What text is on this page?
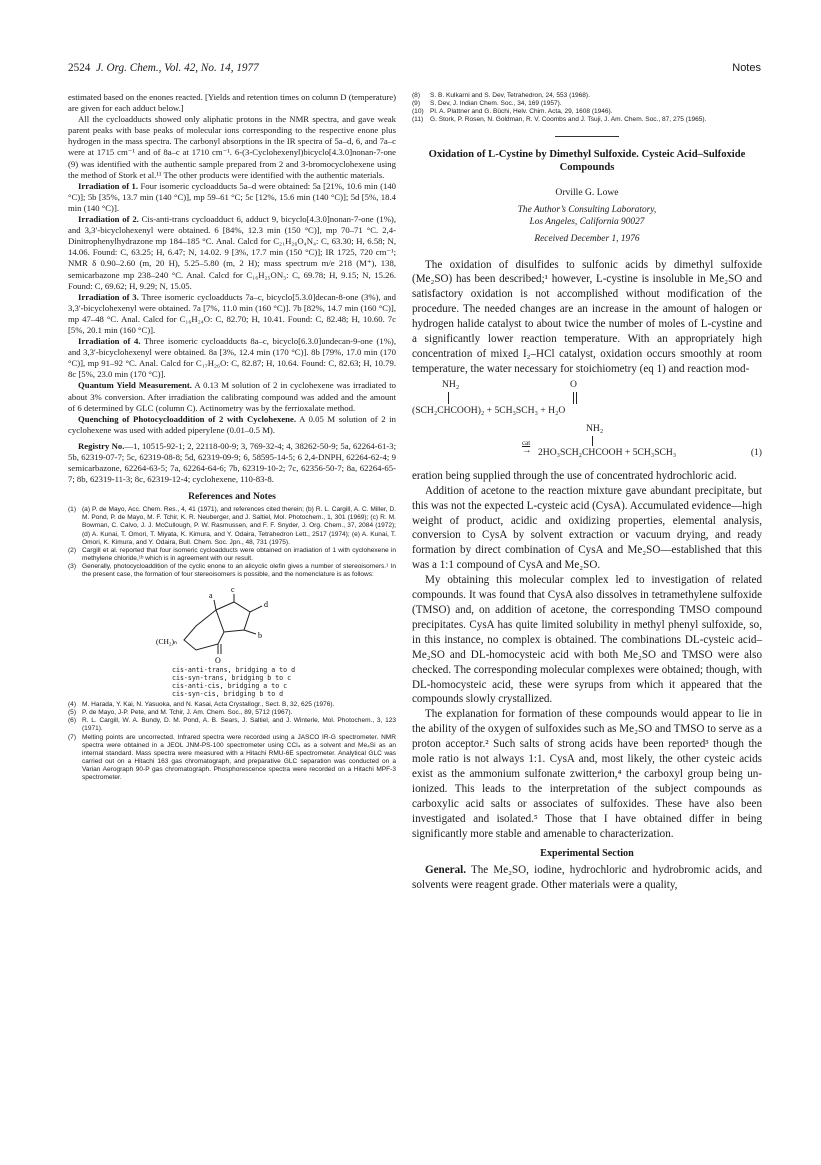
2524 J. Org. Chem., Vol. 42, No. 14, 1977	Notes

estimated based on the enones reacted. [Yields and retention times on column D (temperature) are given for each adduct below.]

All the cycloadducts showed only aliphatic protons in the NMR spectra, and gave weak parent peaks with base peaks of molecular ions corresponding to the respective enone plus hydrogen in the mass spectra. The carbonyl absorptions in the IR spectra of 5a–d, 6, and 7a–c were at 1715 cm⁻¹ and of 8a–c at 1710 cm⁻¹. 6-(3-Cyclohexenyl)bicyclo[4.3.0]nonan-7-one (9) was identified with the authentic sample prepared from 2 and 3-bromocyclohexene using the method of Stork et al.¹¹ The other products were identified with the authentic materials.

Irradiation of 1. Four isomeric cycloadducts 5a–d were obtained: 5a [21%, 10.6 min (140 °C)]; 5b [35%, 13.7 min (140 °C)], mp 59–61 °C; 5c [12%, 15.6 min (140 °C)]; 5d [5%, 18.4 min (140 °C)].

Irradiation of 2. Cis-anti-trans cycloadduct 6, adduct 9, bicyclo[4.3.0]nonan-7-one (1%), and 3,3′-bicyclohexenyl were obtained. 6 [84%, 12.3 min (150 °C)], mp 70–71 °C. 2,4-Dinitrophenylhydrazone mp 184–185 °C. Anal. Calcd for C₂₁H₂₆O₄N₄: C, 63.30; H, 6.58; N, 14.06. Found: C, 63.25; H, 6.47; N, 14.02. 9 [3%, 17.7 min (150 °C)]; IR 1725, 720 cm⁻¹; NMR δ 0.90–2.60 (m, 20 H), 5.25–5.80 (m, 2 H); mass spectrum m/e 218 (M⁺), 138, semicarbazone mp 238–240 °C. Anal. Calcd for C₁₆H₂₅ON₃: C, 69.78; H, 9.15; N, 15.26. Found: C, 69.62; H, 9.29; N, 15.05.

Irradiation of 3. Three isomeric cycloadducts 7a–c, bicyclo[5.3.0]decan-8-one (3%), and 3,3′-bicyclohexenyl were obtained. 7a [7%, 11.0 min (160 °C)]. 7b [82%, 14.7 min (160 °C)], mp 47–48 °C. Anal. Calcd for C₁₆H₂₄O: C, 82.70; H, 10.41. Found: C, 82.48; H, 10.60. 7c [5%, 20.1 min (160 °C)].

Irradiation of 4. Three isomeric cycloadducts 8a–c, bicyclo[6.3.0]undecan-9-one (1%), and 3,3′-bicyclohexenyl were obtained. 8a [3%, 12.4 min (170 °C)]. 8b [79%, 17.0 min (170 °C)], mp 91–92 °C. Anal. Calcd for C₁₇H₂₆O: C, 82.87; H, 10.64. Found: C, 82.63; H, 10.79. 8c [5%, 23.0 min (170 °C)].

Quantum Yield Measurement. A 0.13 M solution of 2 in cyclohexene was irradiated to about 3% conversion. After irradiation the calibrating compound was added and the amount of 6 determined by GLC (column C). Actinometry was by the ferrioxalate method.

Quenching of Photocycloaddition of 2 with Cyclohexene. A 0.05 M solution of 2 in cyclohexene was used with added piperylene (0.01–0.5 M).

Registry No.—1, 10515-92-1; 2, 22118-00-9; 3, 769-32-4; 4, 38262-50-9; 5a, 62264-61-3; 5b, 62319-07-7; 5c, 62319-08-8; 5d, 62319-09-9; 6, 58595-14-5; 6 2,4-DNPH, 62264-62-4; 9 semicarbazone, 62264-63-5; 7a, 62264-64-6; 7b, 62319-10-2; 7c, 62356-50-7; 8a, 62264-65-7; 8b, 62319-11-3; 8c, 62319-12-4; cyclohexene, 110-83-8.

References and Notes
(1) (a) P. de Mayo, Acc. Chem. Res., 4, 41 (1971), and references cited therein; (b) R. L. Cargill, A. C. Miller, D. M. Pond, P. de Mayo, M. F. Tchir, K. R. Neuberger, and J. Saltiel, Mol. Photochem., 1, 301 (1969); (c) R. M. Bowman, C. Calvo, J. J. McCullough, P. W. Rasmussen, and F. F. Snyder, J. Org. Chem., 37, 2084 (1972); (d) A. Kunai, T. Omori, T. Miyata, K. Kimura, and Y. Odaira, Tetrahedron Lett., 2517 (1974); (e) A. Kunai, T. Omori, K. Kimura, and Y. Odaira, Bull. Chem. Soc. Jpn., 48, 731 (1975).
(2) Cargill et al. reported that four isomeric cycloadducts were obtained on irradiation of 1 with cyclohexene in methylene chloride,¹ᵇ which is in agreement with our result.
(3) Generally, photocycloaddition of the cyclic enone to an alicyclic olefin gives a number of stereoisomers.¹ In the present case, the formation of four stereoisomers is possible, and the nomenclature is as follows:
a
c
d
b
(CH₂)ₙ
O
cis-anti-trans, bridging a to d
cis-syn-trans, bridging b to c
cis-anti-cis, bridging a to c
cis-syn-cis, bridging b to d
(4) M. Harada, Y. Kai, N. Yasuoka, and N. Kasai, Acta Crystallogr., Sect. B, 32, 625 (1976).
(5) P. de Mayo, J-P. Pete, and M. Tchir, J. Am. Chem. Soc., 89, 5712 (1967).
(6) R. L. Cargill, W. A. Bundy, D. M. Pond, A. B. Sears, J. Saltiel, and J. Winterle, Mol. Photochem., 3, 123 (1971).
(7) Melting points are uncorrected. Infrared spectra were recorded using a JASCO IR-G spectrometer. NMR spectra were obtained in a JEOL JNM-PS-100 spectrometer using CCl₄ as a solvent and Me₄Si as an internal standard. Mass spectra were measured with a Hitachi RMU-6E spectrometer. Analytical GLC was carried out on a Hitachi 163 gas chromatograph, and preparative GLC separation was conducted on a Varian Aerograph 90-P gas chromatograph. Phosphorescence spectra were recorded on a Hitachi MPF-3 spectrometer.
(8)	S. B. Kulkarni and S. Dev, Tetrahedron, 24, 553 (1968).
(9)	S. Dev, J. Indian Chem. Soc., 34, 169 (1957).
(10) Pl. A. Plattner and G. Büchi, Helv. Chim. Acta, 29, 1608 (1946).
(11)	G. Stork, P. Rosen, N. Goldman, R. V. Coombs and J. Tsuji, J. Am. Chem. Soc., 87, 275 (1965).
Oxidation of L-Cystine by Dimethyl Sulfoxide. Cysteic Acid–Sulfoxide Compounds
Orville G. Lowe
The Author’s Consulting Laboratory,
Los Angeles, California 90027
Received December 1, 1976

The oxidation of disulfides to sulfonic acids by dimethyl sulfoxide (Me₂SO) has been described;¹ however, L-cystine is insoluble in Me₂SO and satisfactory oxidation is not accomplished without modification of the procedure. The needed changes are an increase in the amount of halogen or hydrogen halide catalyst to about twice the number of moles of L-cystine and a significantly lower reaction temperature. With an appropriately high concentration of mixed I₂–HCl catalyst, oxidation occurs smoothly at room temperature, the water necessary for stoichiometry (eq 1) and reaction mod-

NH₂	O
(SCH₂CHCOOH)₂ + 5CH₃SCH₃ + H₂O
NH₂
cat
→ 2HO₃SCH₂CHCOOH + 5CH₃SCH₃	(1)

eration being supplied through the use of concentrated hydrochloric acid.

Addition of acetone to the reaction mixture gave abundant precipitate, but this was not the expected L-cysteic acid (CysA). Accumulated evidence—high weight of product, acidic and oxidizing properties, elemental analysis, conversion to CysA by solvent extraction or vacuum drying, and ready formation by direct combination of CysA and Me₂SO—established that this was a 1:1 compound of CysA and Me₂SO.

My obtaining this molecular complex led to investigation of related compounds. It was found that CysA also dissolves in tetramethylene sulfoxide (TMSO) and, on addition of acetone, the corresponding TMSO compound precipitates. CysA has quite limited solubility in methyl phenyl sulfoxide, so, in this instance, no complex is obtained. The combinations DL-cysteic acid–Me₂SO and DL-homocysteic acid with both Me₂SO and TMSO were also checked. The corresponding molecular complexes were obtained; though, with DL-homocysteic acid, these were syrups from which it appeared that the compounds slowly crystallized.

The explanation for formation of these compounds would appear to lie in the ability of the oxygen of sulfoxides such as Me₂SO and TMSO to serve as a proton acceptor.² Such salts of strong acids have been reported³ though the mole ratio is not always 1:1. CysA and, most likely, the other cysteic acids exist as the ammonium sulfonate zwitterion,⁴ the carboxyl group being un-ionized. This leads to the interpretation of the subject compounds as carboxylic acid salts or associates of sulfoxides. These have also been investigated and isolated.⁵ Those that I have obtained differ in being significantly more stable and amenable to characterization.

Experimental Section

General. The Me₂SO, iodine, hydrochloric and hydrobromic acids, and solvents were reagent grade. Other materials were a quality,
